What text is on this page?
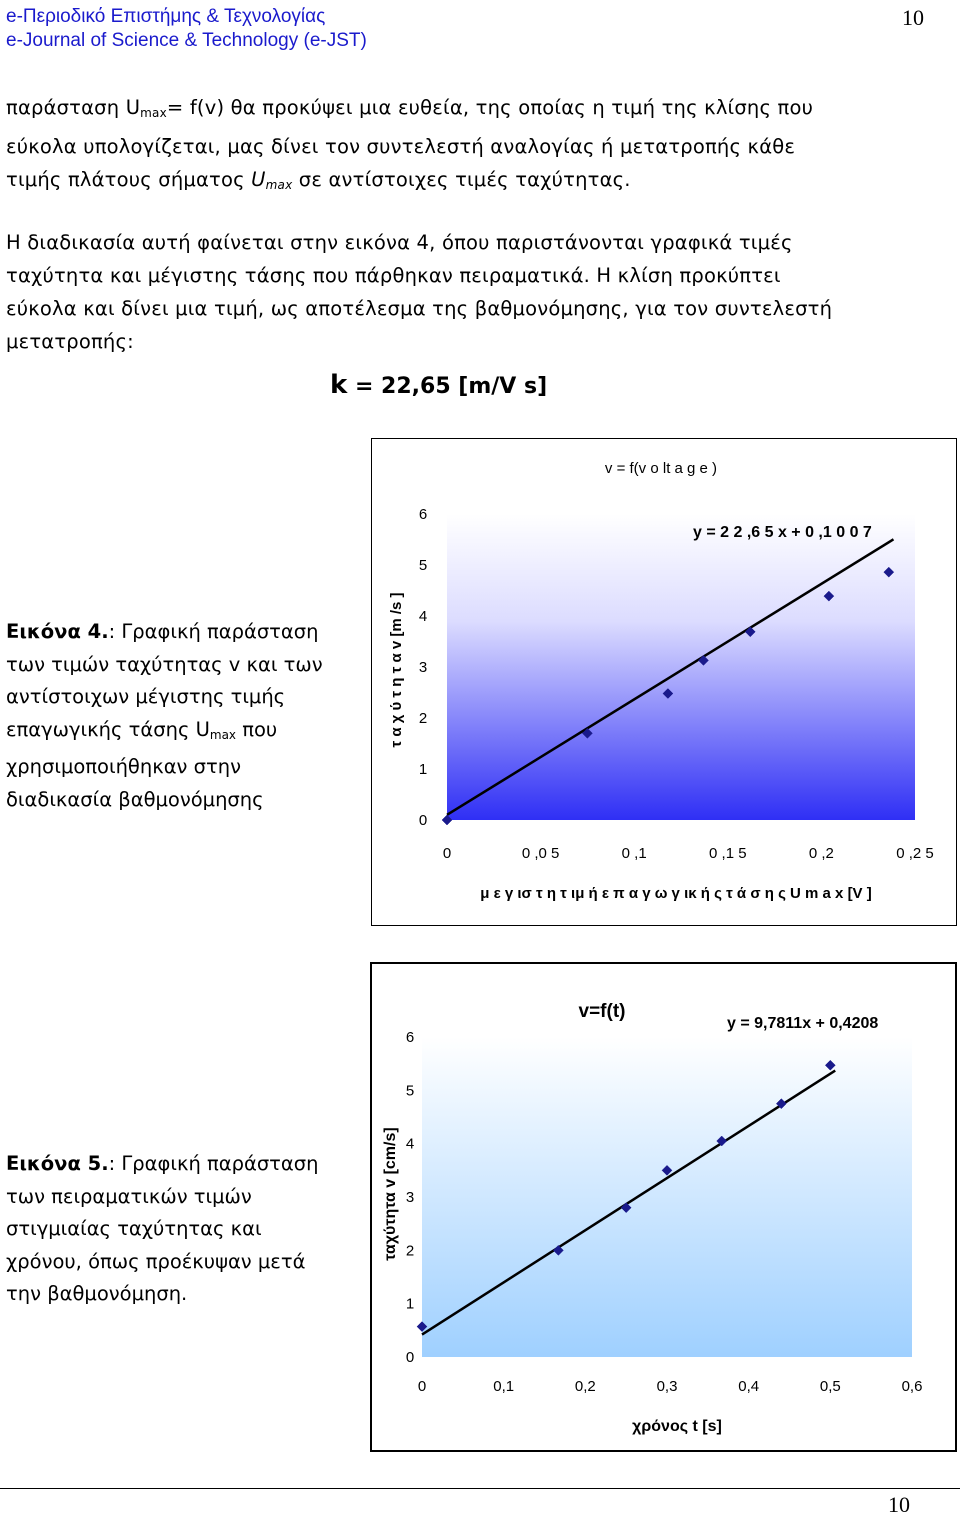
e-Περιοδικό Επιστήμης & Τεχνολογίας
e-Journal of Science & Technology (e-JST)
10

παράσταση $U_{max}= f(v)$ θα προκύψει μια ευθεία, της οποίας η τιμή της κλίσης που

εύκολα υπολογίζεται, μας δίνει τον συντελεστή αναλογίας ή μετατροπής κάθε

τιμής πλάτους σήματος $U_{max}$ σε αντίστοιχες τιμές ταχύτητας.

Η διαδικασία αυτή φαίνεται στην εικόνα 4, όπου παριστάνονται γραφικά τιμές

ταχύτητα και μέγιστης τάσης που πάρθηκαν πειραματικά. Η κλίση προκύπτει

εύκολα και δίνει μια τιμή, ως αποτέλεσμα της βαθμονόμησης, για τον συντελεστή

μετατροπής:

k = 22,65 [m/V s]
Εικόνα 4.: Γραφική παράσταση των τιμών ταχύτητας v και των αντίστοιχων μέγιστης τιμής επαγωγικής τάσης $U_{max}$ που χρησιμοποιήθηκαν στην διαδικασία βαθμονόμησης
Εικόνα 5.: Γραφική παράσταση των πειραματικών τιμών στιγμιαίας ταχύτητας και χρόνου, όπως προέκυψαν μετά την βαθμονόμηση.
0
1
2
3
4
5
6
0	0 ,0 5	0 ,1	0 ,1 5	0 ,2	0 ,2 5
v = f(v o lt a g e )
y = 2 2 ,6 5 x + 0 ,1 0 0 7
μ ε γ ισ τ η τ ιμ ή ε π α γ ω γ ικ ή ς τ ά σ η ς U m a x [V ]
τ α χ ύ τ η τ α v [m /s ]
0
1
2
3
4
5
6
0	0,1	0,2	0,3	0,4	0,5	0,6
v=f(t)
y = 9,7811x + 0,4208
χρόνος t [s]
ταχύτητα v [cm/s]
10
